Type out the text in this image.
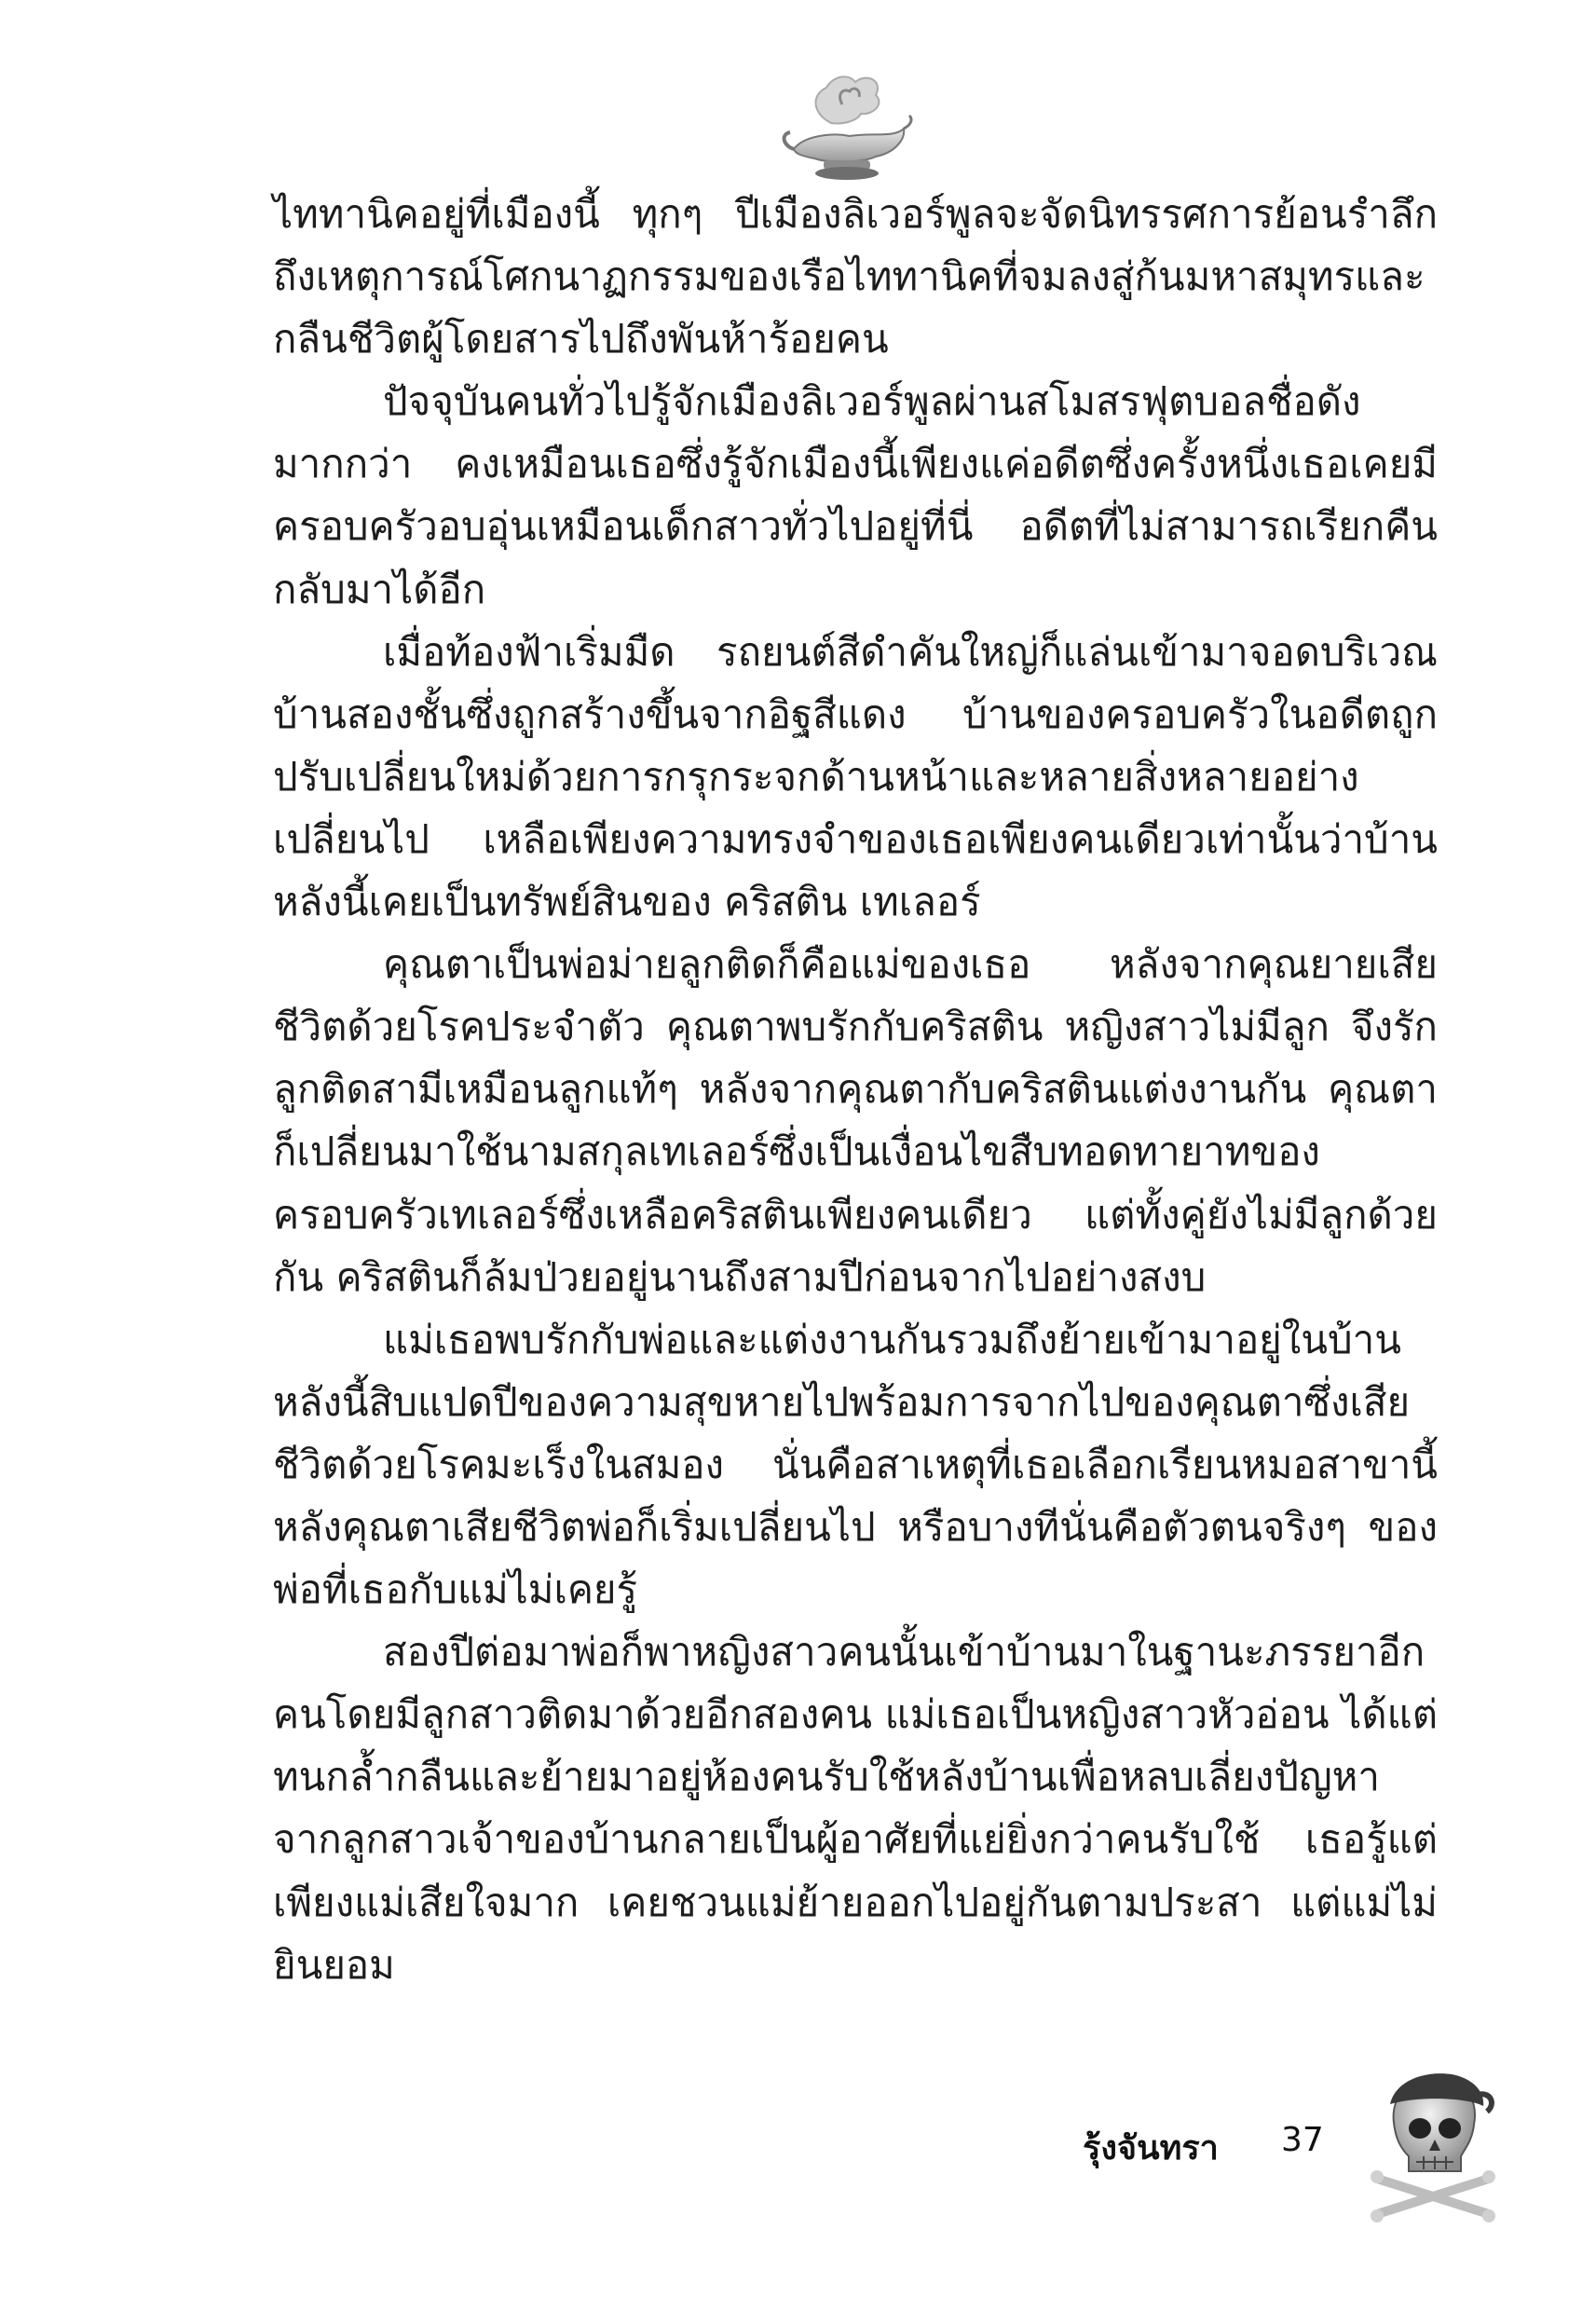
ไททานิคอยู่ที่เมืองนี้ ทุกๆ ปีเมืองลิเวอร์พูลจะจัดนิทรรศการย้อนรำลึกถึงเหตุการณ์โศกนาฏกรรมของเรือไททานิคที่จมลงสู่ก้นมหาสมุทรและกลืนชีวิตผู้โดยสารไปถึงพันห้าร้อยคน

ปัจจุบันคนทั่วไปรู้จักเมืองลิเวอร์พูลผ่านสโมสรฟุตบอลชื่อดังมากกว่า คงเหมือนเธอซึ่งรู้จักเมืองนี้เพียงแค่อดีตซึ่งครั้งหนึ่งเธอเคยมีครอบครัวอบอุ่นเหมือนเด็กสาวทั่วไปอยู่ที่นี่ อดีตที่ไม่สามารถเรียกคืนกลับมาได้อีก

เมื่อท้องฟ้าเริ่มมืด รถยนต์สีดำคันใหญ่ก็แล่นเข้ามาจอดบริเวณบ้านสองชั้นซึ่งถูกสร้างขึ้นจากอิฐสีแดง บ้านของครอบครัวในอดีตถูกปรับเปลี่ยนใหม่ด้วยการกรุกระจกด้านหน้าและหลายสิ่งหลายอย่างเปลี่ยนไป เหลือเพียงความทรงจำของเธอเพียงคนเดียวเท่านั้นว่าบ้านหลังนี้เคยเป็นทรัพย์สินของ คริสติน เทเลอร์

คุณตาเป็นพ่อม่ายลูกติดก็คือแม่ของเธอ หลังจากคุณยายเสียชีวิตด้วยโรคประจำตัว คุณตาพบรักกับคริสติน หญิงสาวไม่มีลูก จึงรักลูกติดสามีเหมือนลูกแท้ๆ หลังจากคุณตากับคริสตินแต่งงานกัน คุณตาก็เปลี่ยนมาใช้นามสกุลเทเลอร์ซึ่งเป็นเงื่อนไขสืบทอดทายาทของครอบครัวเทเลอร์ซึ่งเหลือคริสตินเพียงคนเดียว แต่ทั้งคู่ยังไม่มีลูกด้วยกัน คริสตินก็ล้มป่วยอยู่นานถึงสามปีก่อนจากไปอย่างสงบ

แม่เธอพบรักกับพ่อและแต่งงานกันรวมถึงย้ายเข้ามาอยู่ในบ้านหลังนี้สิบแปดปีของความสุขหายไปพร้อมการจากไปของคุณตาซึ่งเสียชีวิตด้วยโรคมะเร็งในสมอง นั่นคือสาเหตุที่เธอเลือกเรียนหมอสาขานี้ หลังคุณตาเสียชีวิตพ่อก็เริ่มเปลี่ยนไป หรือบางทีนั่นคือตัวตนจริงๆ ของพ่อที่เธอกับแม่ไม่เคยรู้

สองปีต่อมาพ่อก็พาหญิงสาวคนนั้นเข้าบ้านมาในฐานะภรรยาอีกคนโดยมีลูกสาวติดมาด้วยอีกสองคน แม่เธอเป็นหญิงสาวหัวอ่อน ได้แต่ทนกล้ำกลืนและย้ายมาอยู่ห้องคนรับใช้หลังบ้านเพื่อหลบเลี่ยงปัญหาจากลูกสาวเจ้าของบ้านกลายเป็นผู้อาศัยที่แย่ยิ่งกว่าคนรับใช้ เธอรู้แต่เพียงแม่เสียใจมาก เคยชวนแม่ย้ายออกไปอยู่กันตามประสา แต่แม่ไม่ยินยอม

รุ้งจันทรา 37
